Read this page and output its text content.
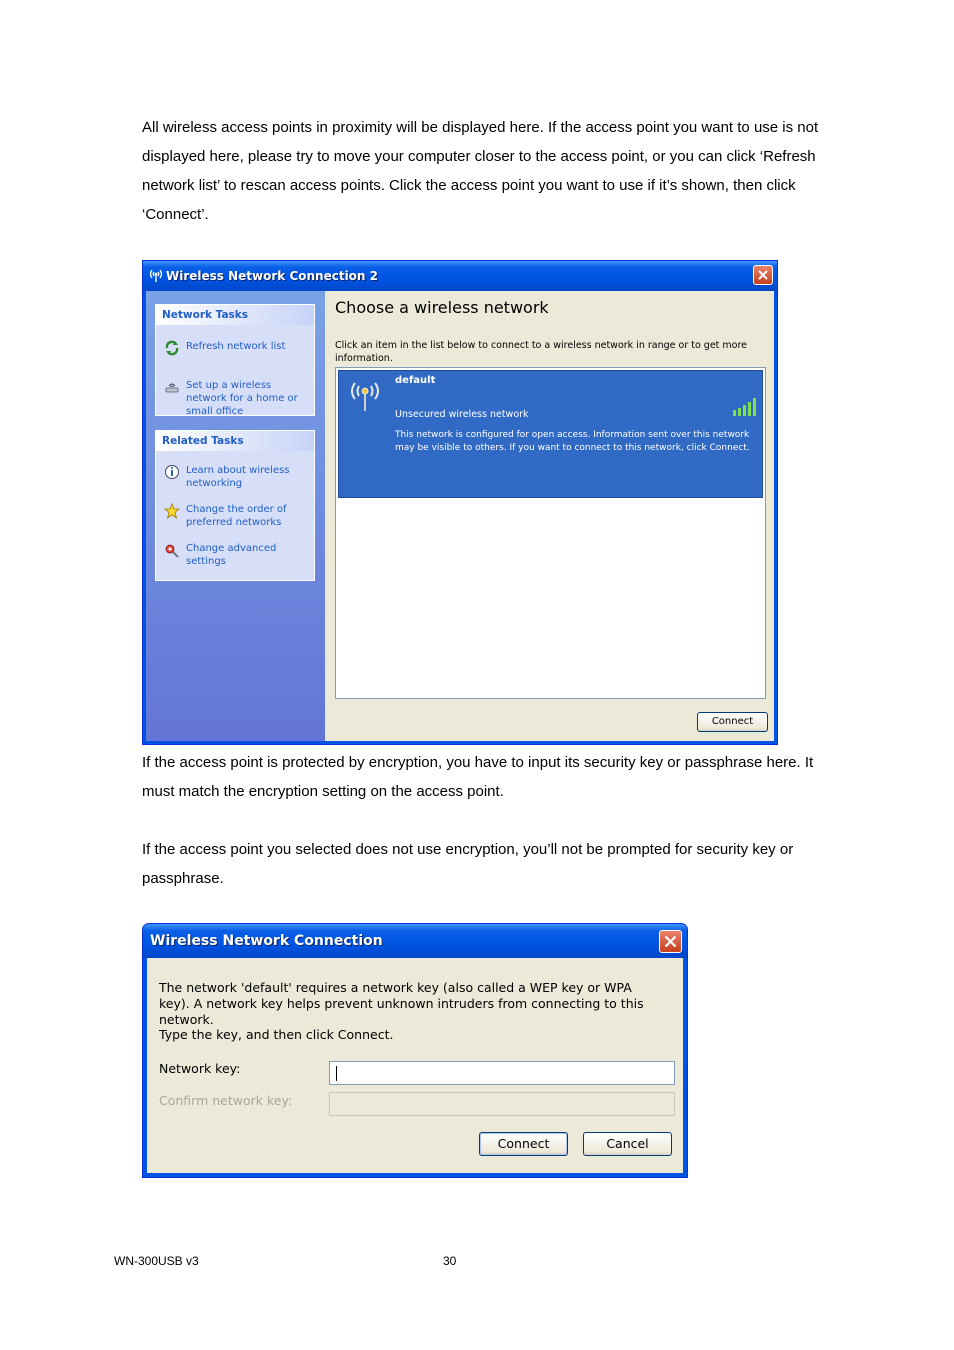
All wireless access points in proximity will be displayed here. If the access point you want to use is not displayed here, please try to move your computer closer to the access point, or you can click ‘Refresh network list’ to rescan access points. Click the access point you want to use if it’s shown, then click ‘Connect’.

Wireless Network Connection 2
Network Tasks
Refresh network list
Set up a wireless network for a home or small office
Related Tasks
Learn about wireless networking
Change the order of preferred networks
Change advanced settings
Choose a wireless network
Click an item in the list below to connect to a wireless network in range or to get more information.
default
Unsecured wireless network
This network is configured for open access. Information sent over this network may be visible to others. If you want to connect to this network, click Connect.
Connect

If the access point is protected by encryption, you have to input its security key or passphrase here. It must match the encryption setting on the access point.

If the access point you selected does not use encryption, you’ll not be prompted for security key or passphrase.

Wireless Network Connection
The network 'default' requires a network key (also called a WEP key or WPA key). A network key helps prevent unknown intruders from connecting to this network.
Type the key, and then click Connect.
Network key:
Confirm network key:
Connect	Cancel
WN-300USB v3	30
